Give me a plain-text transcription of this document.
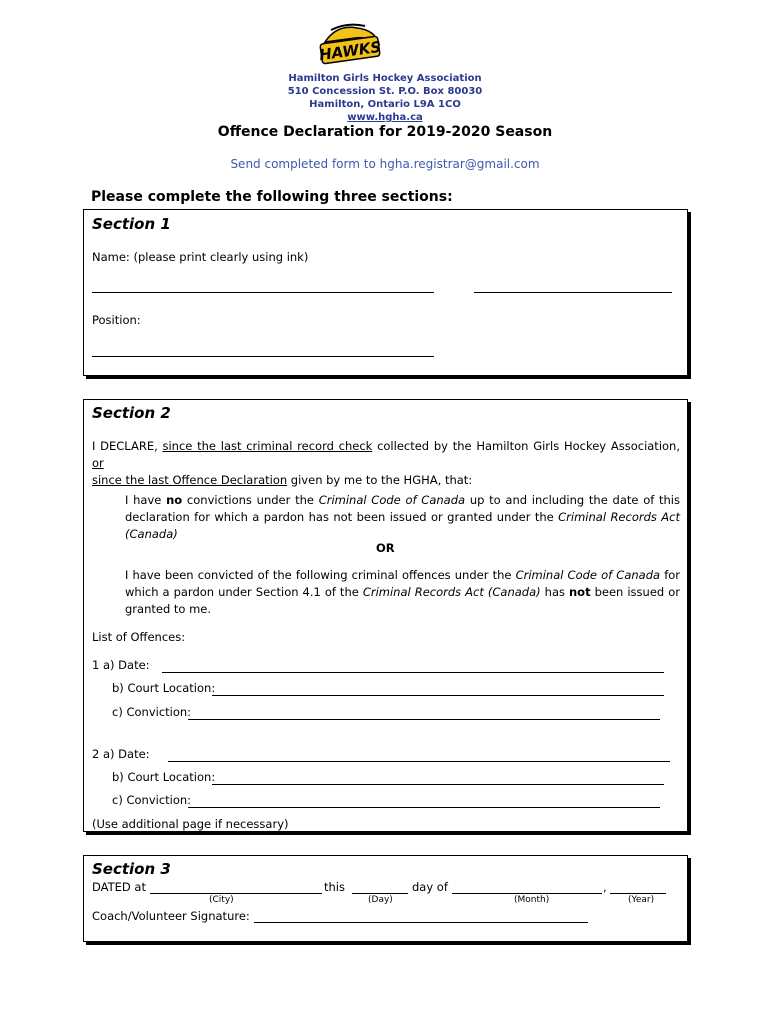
HAWKS
Hamilton Girls Hockey Association
510 Concession St. P.O. Box 80030
Hamilton, Ontario L9A 1CO
www.hgha.ca
Offence Declaration for 2019-2020 Season
Send completed form to hgha.registrar@gmail.com
Please complete the following three sections:
Section 1
Name: (please print clearly using ink)
Position:
Section 2
I DECLARE, since the last criminal record check collected by the Hamilton Girls Hockey Association, or
since the last Offence Declaration given by me to the HGHA, that:
I have no convictions under the Criminal Code of Canada up to and including the date of this declaration for which a pardon has not been issued or granted under the Criminal Records Act (Canada)
OR
I have been convicted of the following criminal offences under the Criminal Code of Canada for which a pardon under Section 4.1 of the Criminal Records Act (Canada) has not been issued or granted to me.
List of Offences:
1 a) Date:
b) Court Location:
c) Conviction:
2 a) Date:
b) Court Location:
c) Conviction:
(Use additional page if necessary)
Section 3
DATED at	this	day of	,
(City)	(Day)	(Month)	(Year)
Coach/Volunteer Signature:
